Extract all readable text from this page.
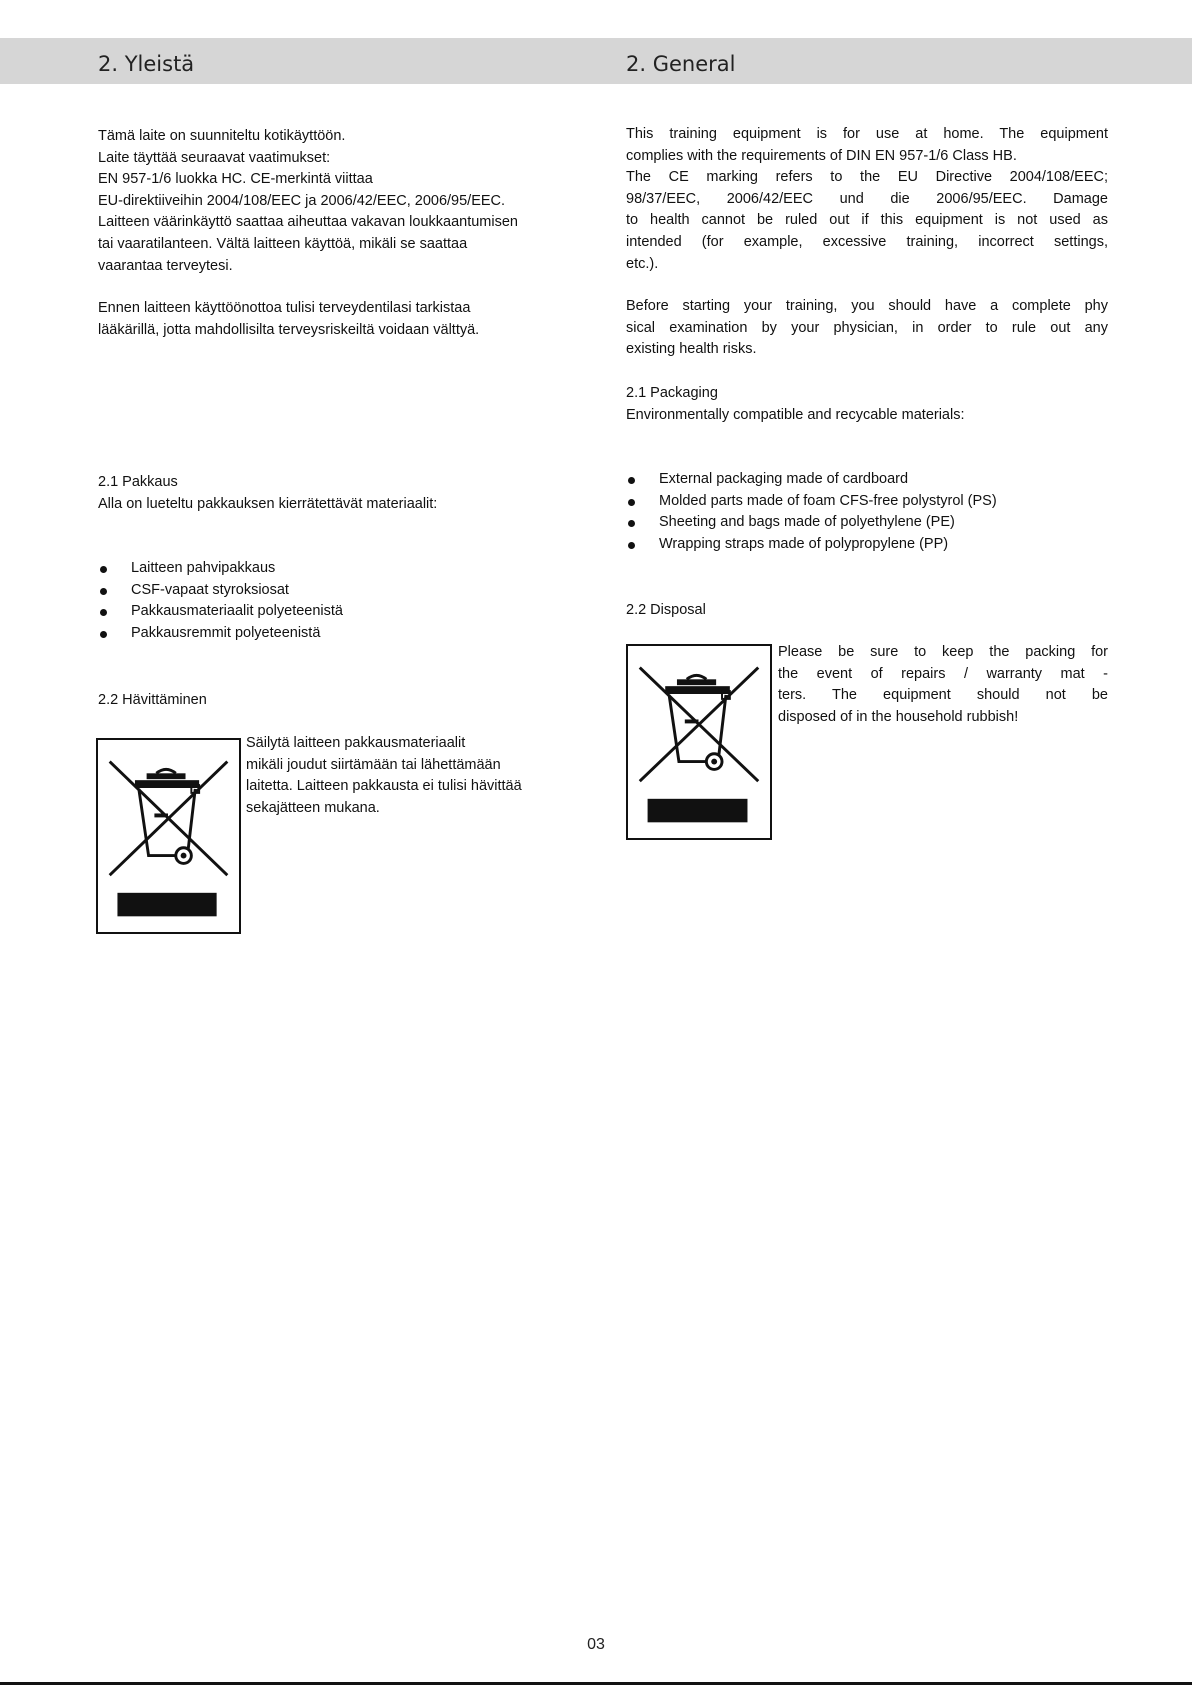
2. Yleistä	2. General

Tämä laite on suunniteltu kotikäyttöön.

Laite täyttää seuraavat vaatimukset:

EN 957-1/6 luokka HC. CE-merkintä viittaa

EU-direktiiveihin 2004/108/EEC ja 2006/42/EEC, 2006/95/EEC.

Laitteen väärinkäyttö saattaa aiheuttaa vakavan loukkaantumisen

tai vaaratilanteen. Vältä laitteen käyttöä, mikäli se saattaa

vaarantaa terveytesi.

Ennen laitteen käyttöönottoa tulisi terveydentilasi tarkistaa

lääkärillä, jotta mahdollisilta terveysriskeiltä voidaan välttyä.

2.1 Pakkaus

Alla on lueteltu pakkauksen kierrätettävät materiaalit:

Laitteen pahvipakkaus
CSF-vapaat styroksiosat
Pakkausmateriaalit polyeteenistä
Pakkausremmit polyeteenistä

2.2 Hävittäminen

Säilytä laitteen pakkausmateriaalit

mikäli joudut siirtämään tai lähettämään

laitetta. Laitteen pakkausta ei tulisi hävittää

sekajätteen mukana.

This training equipment is for use at home. The equipment

complies with the requirements of DIN EN 957-1/6 Class HB.

The CE marking refers to the EU Directive 2004/108/EEC;

98/37/EEC, 2006/42/EEC und die 2006/95/EEC. Damage

to health cannot be ruled out if this equipment is not used as

intended (for example, excessive training, incorrect settings,

etc.).

Before starting your training, you should have a complete phy

sical examination by your physician, in order to rule out any

existing health risks.

2.1 Packaging

Environmentally compatible and recycable materials:

External packaging made of cardboard
Molded parts made of foam CFS-free polystyrol (PS)
Sheeting and bags made of polyethylene (PE)
Wrapping straps made of polypropylene (PP)

2.2 Disposal

Please be sure to keep the packing for

the event of repairs / warranty mat -

ters. The equipment should not be

disposed of in the household rubbish!

03
